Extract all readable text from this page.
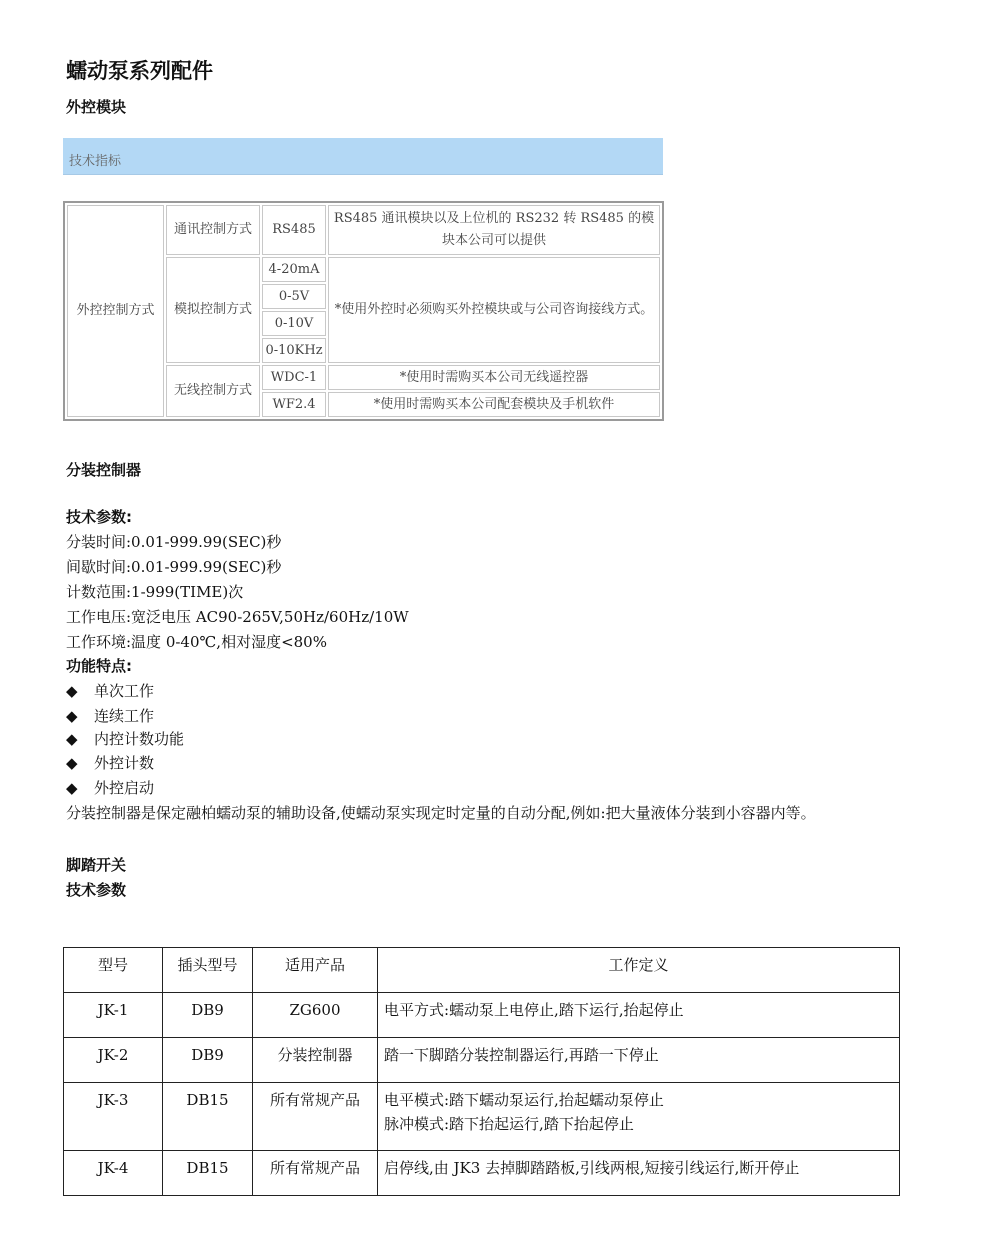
蠕动泵系列配件
外控模块
技术指标
外控控制方式	通讯控制方式	RS485	RS485 通讯模块以及上位机的 RS232 转 RS485 的模块本公司可以提供
	模拟控制方式	4-20mA	*使用外控时必须购买外控模块或与公司咨询接线方式。
		0-5V	
		0-10V	
		0-10KHz	
	无线控制方式	WDC-1	*使用时需购买本公司无线遥控器
		WF2.4	*使用时需购买本公司配套模块及手机软件
分装控制器
技术参数:
分装时间:0.01-999.99(SEC)秒
间歇时间:0.01-999.99(SEC)秒
计数范围:1-999(TIME)次
工作电压:宽泛电压 AC90-265V,50Hz/60Hz/10W
工作环境:温度 0-40℃,相对湿度<80%
功能特点:
◆ 单次工作
◆ 连续工作
◆ 内控计数功能
◆ 外控计数
◆ 外控启动
分装控制器是保定融柏蠕动泵的辅助设备,使蠕动泵实现定时定量的自动分配,例如:把大量液体分装到小容器内等。
脚踏开关
技术参数
型号	插头型号	适用产品	工作定义
JK-1	DB9	ZG600	电平方式:蠕动泵上电停止,踏下运行,抬起停止

JK-2	DB9	分装控制器	踏一下脚踏分装控制器运行,再踏一下停止

JK-3	DB15	所有常规产品	电平模式:踏下蠕动泵运行,抬起蠕动泵停止
脉冲模式:踏下抬起运行,踏下抬起停止

JK-4	DB15	所有常规产品	启停线,由 JK3 去掉脚踏踏板,引线两根,短接引线运行,断开停止
